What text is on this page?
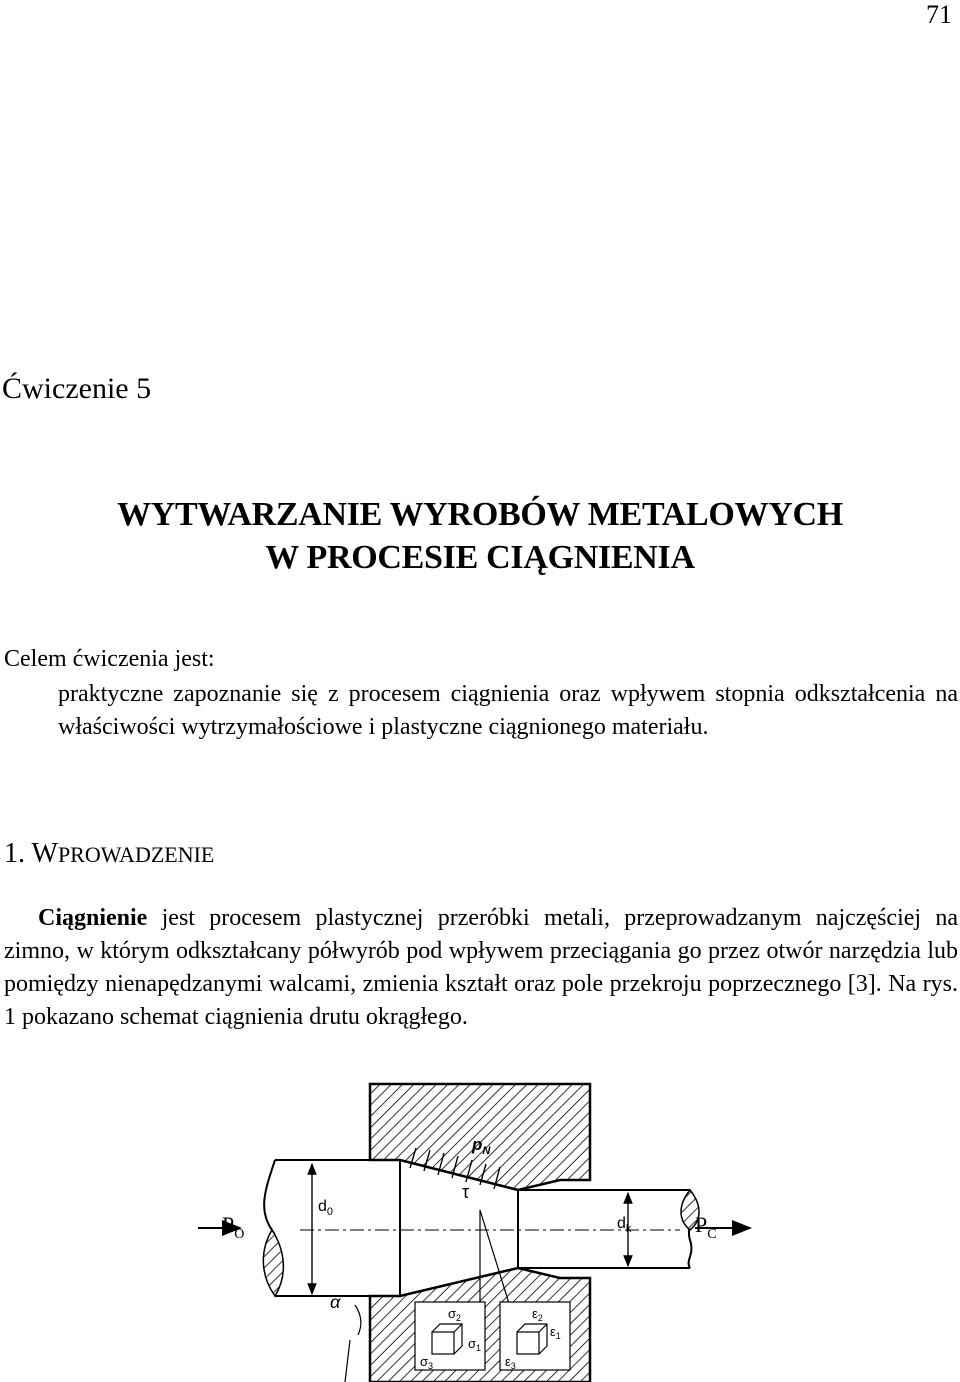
71
Ćwiczenie 5
WYTWARZANIE WYROBÓW METALOWYCH
W PROCESIE CIĄGNIENIA
Celem ćwiczenia jest:
praktyczne zapoznanie się z procesem ciągnienia oraz wpływem stopnia odkształcenia na właściwości wytrzymałościowe i plastyczne ciągnionego materiału.
1. WPROWADZENIE
Ciągnienie jest procesem plastycznej przeróbki metali, przeprowadzanym najczęściej na zimno, w którym odkształcany półwyrób pod wpływem przeciągania go przez otwór narzędzia lub pomiędzy nienapędzanymi walcami, zmienia kształt oraz pole przekroju poprzecznego [3]. Na rys. 1 pokazano schemat ciągnienia drutu okrągłego.
$p_N$
τ
$d_0$
$d_k$
$P_O$	$P_C$
α
$\sigma_2$
$\sigma_1$
$\sigma_3$
$\varepsilon_2$
$\varepsilon_1$
$\varepsilon_3$
